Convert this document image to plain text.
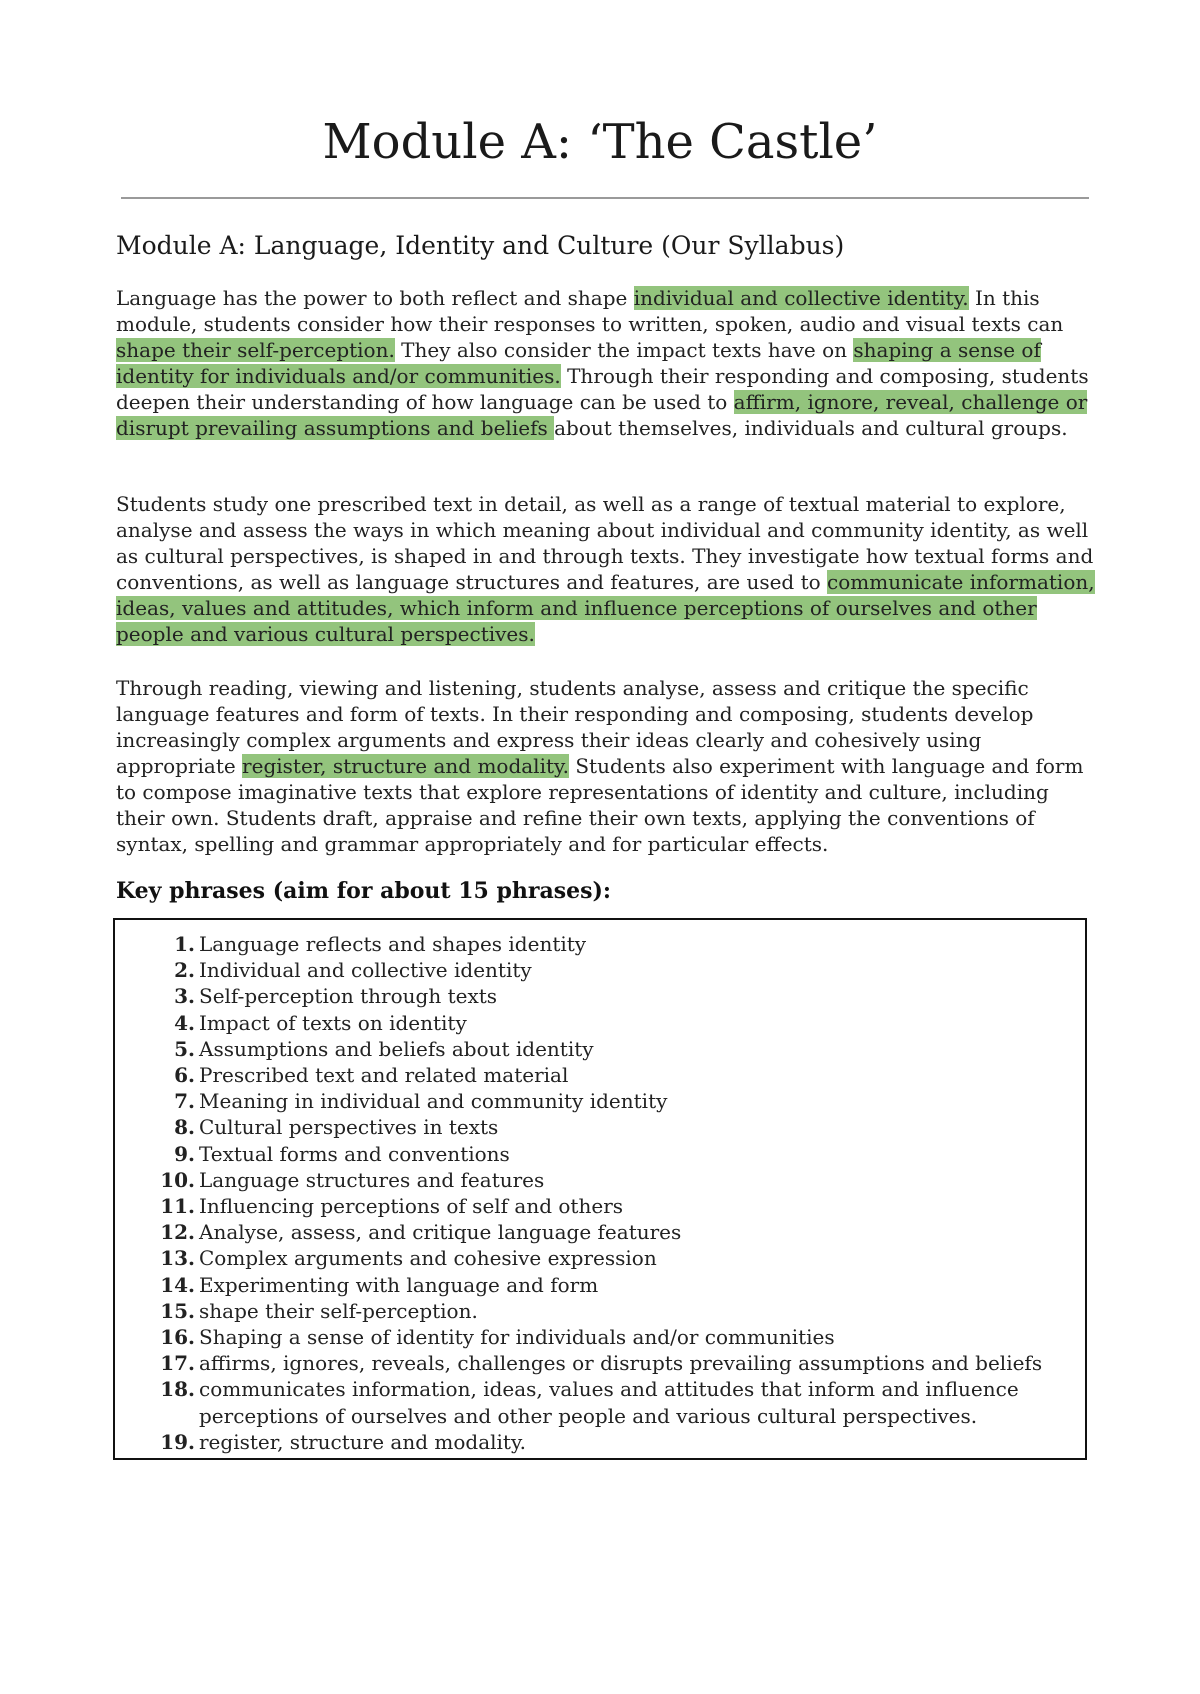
Module A: ‘The Castle’
Module A: Language, Identity and Culture (Our Syllabus)

Language has the power to both reflect and shape individual and collective identity. In this module, students consider how their responses to written, spoken, audio and visual texts can shape their self-perception. They also consider the impact texts have on shaping a sense of identity for individuals and/or communities. Through their responding and composing, students deepen their understanding of how language can be used to affirm, ignore, reveal, challenge or disrupt prevailing assumptions and beliefs about themselves, individuals and cultural groups.

Students study one prescribed text in detail, as well as a range of textual material to explore, analyse and assess the ways in which meaning about individual and community identity, as well as cultural perspectives, is shaped in and through texts. They investigate how textual forms and conventions, as well as language structures and features, are used to communicate information, ideas, values and attitudes, which inform and influence perceptions of ourselves and other people and various cultural perspectives.

Through reading, viewing and listening, students analyse, assess and critique the specific language features and form of texts. In their responding and composing, students develop increasingly complex arguments and express their ideas clearly and cohesively using appropriate register, structure and modality. Students also experiment with language and form to compose imaginative texts that explore representations of identity and culture, including their own. Students draft, appraise and refine their own texts, applying the conventions of syntax, spelling and grammar appropriately and for particular effects.

Key phrases (aim for about 15 phrases):
1. Language reflects and shapes identity
2. Individual and collective identity
3. Self-perception through texts
4. Impact of texts on identity
5. Assumptions and beliefs about identity
6. Prescribed text and related material
7. Meaning in individual and community identity
8. Cultural perspectives in texts
9. Textual forms and conventions
10. Language structures and features
11. Influencing perceptions of self and others
12. Analyse, assess, and critique language features
13. Complex arguments and cohesive expression
14. Experimenting with language and form
15. shape their self-perception.
16. Shaping a sense of identity for individuals and/or communities
17. affirms, ignores, reveals, challenges or disrupts prevailing assumptions and beliefs
18. communicates information, ideas, values and attitudes that inform and influence perceptions of ourselves and other people and various cultural perspectives.
19. register, structure and modality.
